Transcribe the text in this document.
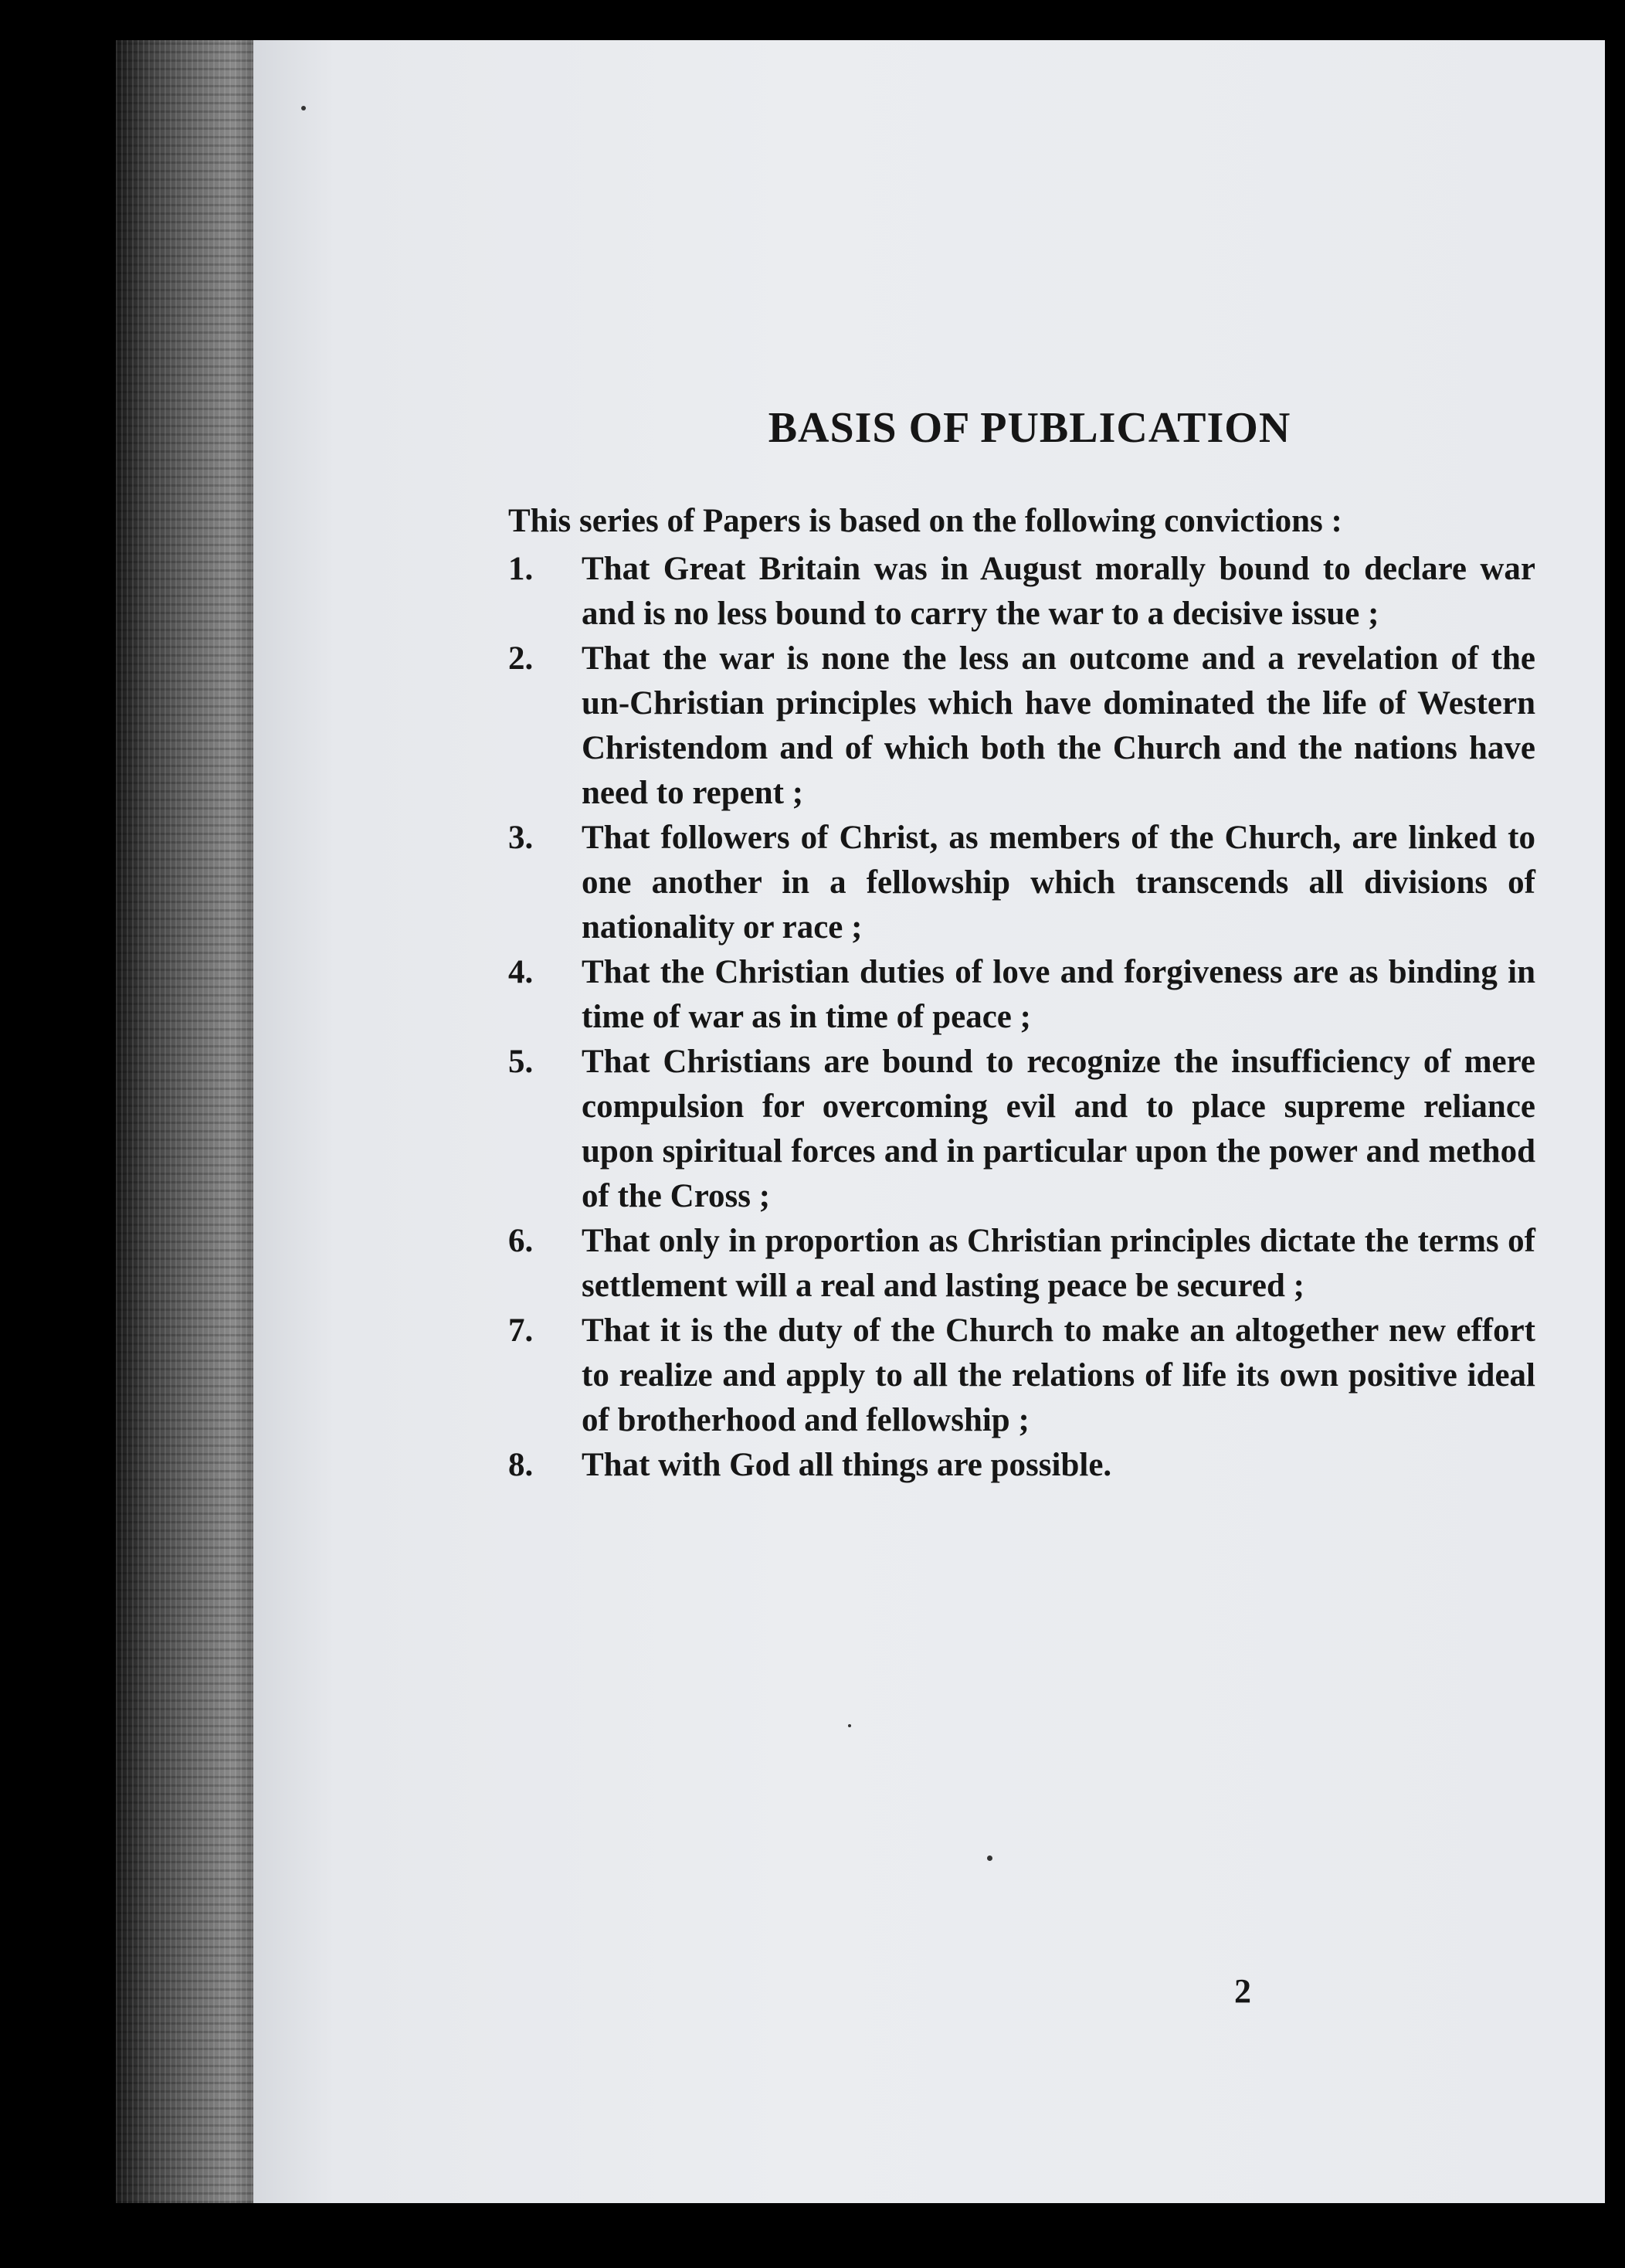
BASIS OF PUBLICATION

This series of Papers is based on the following convictions :

1. That Great Britain was in August morally bound to declare war and is no less bound to carry the war to a decisive issue ;
2. That the war is none the less an outcome and a revelation of the un-Christian principles which have dominated the life of Western Christendom and of which both the Church and the nations have need to repent ;
3. That followers of Christ, as members of the Church, are linked to one another in a fellowship which transcends all divisions of nationality or race ;
4. That the Christian duties of love and forgiveness are as binding in time of war as in time of peace ;
5. That Christians are bound to recognize the insufficiency of mere compulsion for overcoming evil and to place supreme reliance upon spiritual forces and in particular upon the power and method of the Cross ;
6. That only in proportion as Christian principles dictate the terms of settlement will a real and lasting peace be secured ;
7. That it is the duty of the Church to make an altogether new effort to realize and apply to all the relations of life its own positive ideal of brotherhood and fellowship ;
8. That with God all things are possible.
2
